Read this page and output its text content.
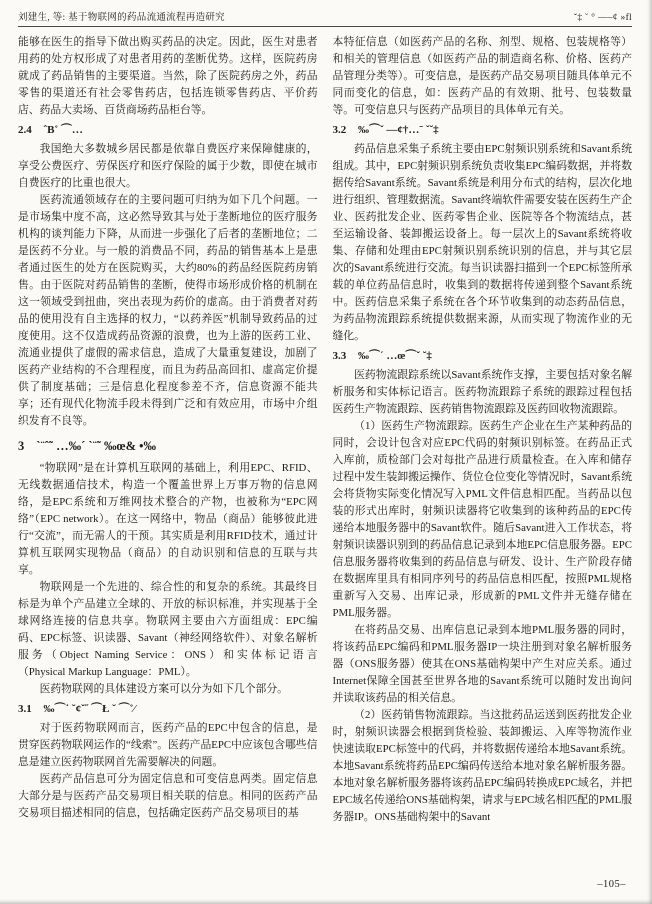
刘建生, 等: 基于物联网的药品流通流程再造研究	ˇ‡ ˘ ° —–¢ »fl

能够在医生的指导下做出购买药品的决定。因此，医生对患者用药的处方权形成了对患者用药的垄断优势。这样，医院药房就成了药品销售的主要渠道。当然，除了医院药房之外，药品零售的渠道还有社会零售药店，包括连锁零售药店、平价药店、药品大卖场、百货商场药品柜台等。

2.4 ˆΒ˚ ⌒…

我国绝大多数城乡居民都是依靠自费医疗来保障健康的，享受公费医疗、劳保医疗和医疗保险的属于少数，即使在城市自费医疗的比重也很大。

医药流通领域存在的主要问题可归纳为如下几个问题。一是市场集中度不高，这必然导致其与处于垄断地位的医疗服务机构的谈判能力下降，从而进一步强化了后者的垄断地位；二是医药不分业。与一般的消费品不同，药品的销售基本上是患者通过医生的处方在医院购买，大约80%的药品经医院药房销售。由于医院对药品销售的垄断，使得市场形成价格的机制在这一领域受到扭曲，突出表现为药价的虚高。由于消费者对药品的使用没有自主选择的权力，“以药养医”机制导致药品的过度使用。这不仅造成药品资源的浪费，也为上游的医药工业、流通业提供了虚假的需求信息，造成了大量重复建设，加剧了医药产业结构的不合理程度，而且为药品高回扣、虚高定价提供了制度基础；三是信息化程度参差不齐，信息资源不能共享；还有现代化物流手段未得到广泛和有效应用，市场中介组织发育不良等。

3 ˋ¨ˆ˜ …‰´ ˋ¨˜ ‰œ& •‰

“物联网”是在计算机互联网的基础上，利用EPC、RFID、无线数据通信技术，构造一个覆盖世界上万事万物的信息网络，是EPC系统和万维网技术整合的产物，也被称为“EPC网络”（EPC network）。在这一网络中，物品（商品）能够彼此进行“交流”，而无需人的干预。其实质是利用RFID技术，通过计算机互联网实现物品（商品）的自动识别和信息的互联与共享。

物联网是一个先进的、综合性的和复杂的系统。其最终目标是为单个产品建立全球的、开放的标识标准，并实现基于全球网络连接的信息共享。物联网主要由六方面组成：EPC编码、EPC标签、识读器、Savant（神经网络软件）、对象名解析服务（Object Naming Service：ONS）和实体标记语言（Physical Markup Language：PML）。

医药物联网的具体建设方案可以分为如下几个部分。

3.1 ‰⌒˙ ˘¢ˇ˝ ⌒Ł ˘ ⌒˚⁄

对于医药物联网而言，医药产品的EPC中包含的信息，是贯穿医药物联网运作的“线索”。医药产品EPC中应该包含哪些信息是建立医药物联网首先需要解决的问题。

医药产品信息可分为固定信息和可变信息两类。固定信息大部分是与医药产品交易项目相关联的信息。相同的医药产品交易项目描述相同的信息，包括确定医药产品交易项目的基

本特征信息（如医药产品的名称、剂型、规格、包装规格等）和相关的管理信息（如医药产品的制造商名称、价格、医药产品管理分类等）。可变信息，是医药产品交易项目随具体单元不同而变化的信息，如：医药产品的有效期、批号、包装数量等。可变信息只与医药产品项目的具体单元有关。

3.2 ‰⌒ˇ —¢†…ˉ ˇ˘‡

药品信息采集子系统主要由EPC射频识别系统和Savant系统组成。其中，EPC射频识别系统负责收集EPC编码数据，并将数据传给Savant系统。Savant系统是利用分布式的结构，层次化地进行组织、管理数据流。Savant终端软件需要安装在医药生产企业、医药批发企业、医药零售企业、医院等各个物流结点，甚至运输设备、装卸搬运设备上。每一层次上的Savant系统将收集、存储和处理由EPC射频识别系统识别的信息，并与其它层次的Savant系统进行交流。每当识读器扫描到一个EPC标签所承载的单位药品信息时，收集到的数据将传递到整个Savant系统中。医药信息采集子系统在各个环节收集到的动态药品信息，为药品物流跟踪系统提供数据来源，从而实现了物流作业的无缝化。

3.3 ‰⌒ˊ …œ⌒ˇ ˘‡

医药物流跟踪系统以Savant系统作支撑，主要包括对象名解析服务和实体标记语言。医药物流跟踪子系统的跟踪过程包括医药生产物流跟踪、医药销售物流跟踪及医药回收物流跟踪。

（1）医药生产物流跟踪。医药生产企业在生产某种药品的同时，会设计包含对应EPC代码的射频识别标签。在药品正式入库前，质检部门会对每批产品进行质量检查。在入库和储存过程中发生装卸搬运操作、货位仓位变化等情况时，Savant系统会将货物实际变化情况写入PML文件信息相匹配。当药品以包装的形式出库时，射频识读器将它收集到的该种药品的EPC传递给本地服务器中的Savant软件。随后Savant进入工作状态，将射频识读器识别到的药品信息记录到本地EPC信息服务器。EPC信息服务器将收集到的药品信息与研发、设计、生产阶段存储在数据库里具有相同序列号的药品信息相匹配，按照PML规格重新写入交易、出库记录，形成新的PML文件并无缝存储在PML服务器。

在将药品交易、出库信息记录到本地PML服务器的同时，将该药品EPC编码和PML服务器IP一块注册到对象名解析服务器（ONS服务器）使其在ONS基础构架中产生对应关系。通过Internet保障全国甚至世界各地的Savant系统可以随时发出询问并读取该药品的相关信息。

（2）医药销售物流跟踪。当这批药品运送到医药批发企业时，射频识读器会根据到货检验、装卸搬运、入库等物流作业快速读取EPC标签中的代码，并将数据传递给本地Savant系统。本地Savant系统将药品EPC编码传送给本地对象名解析服务器。本地对象名解析服务器将该药品EPC编码转换成EPC域名，并把EPC域名传递给ONS基础构架，请求与EPC域名相匹配的PML服务器IP。ONS基础构架中的Savant

–105–
